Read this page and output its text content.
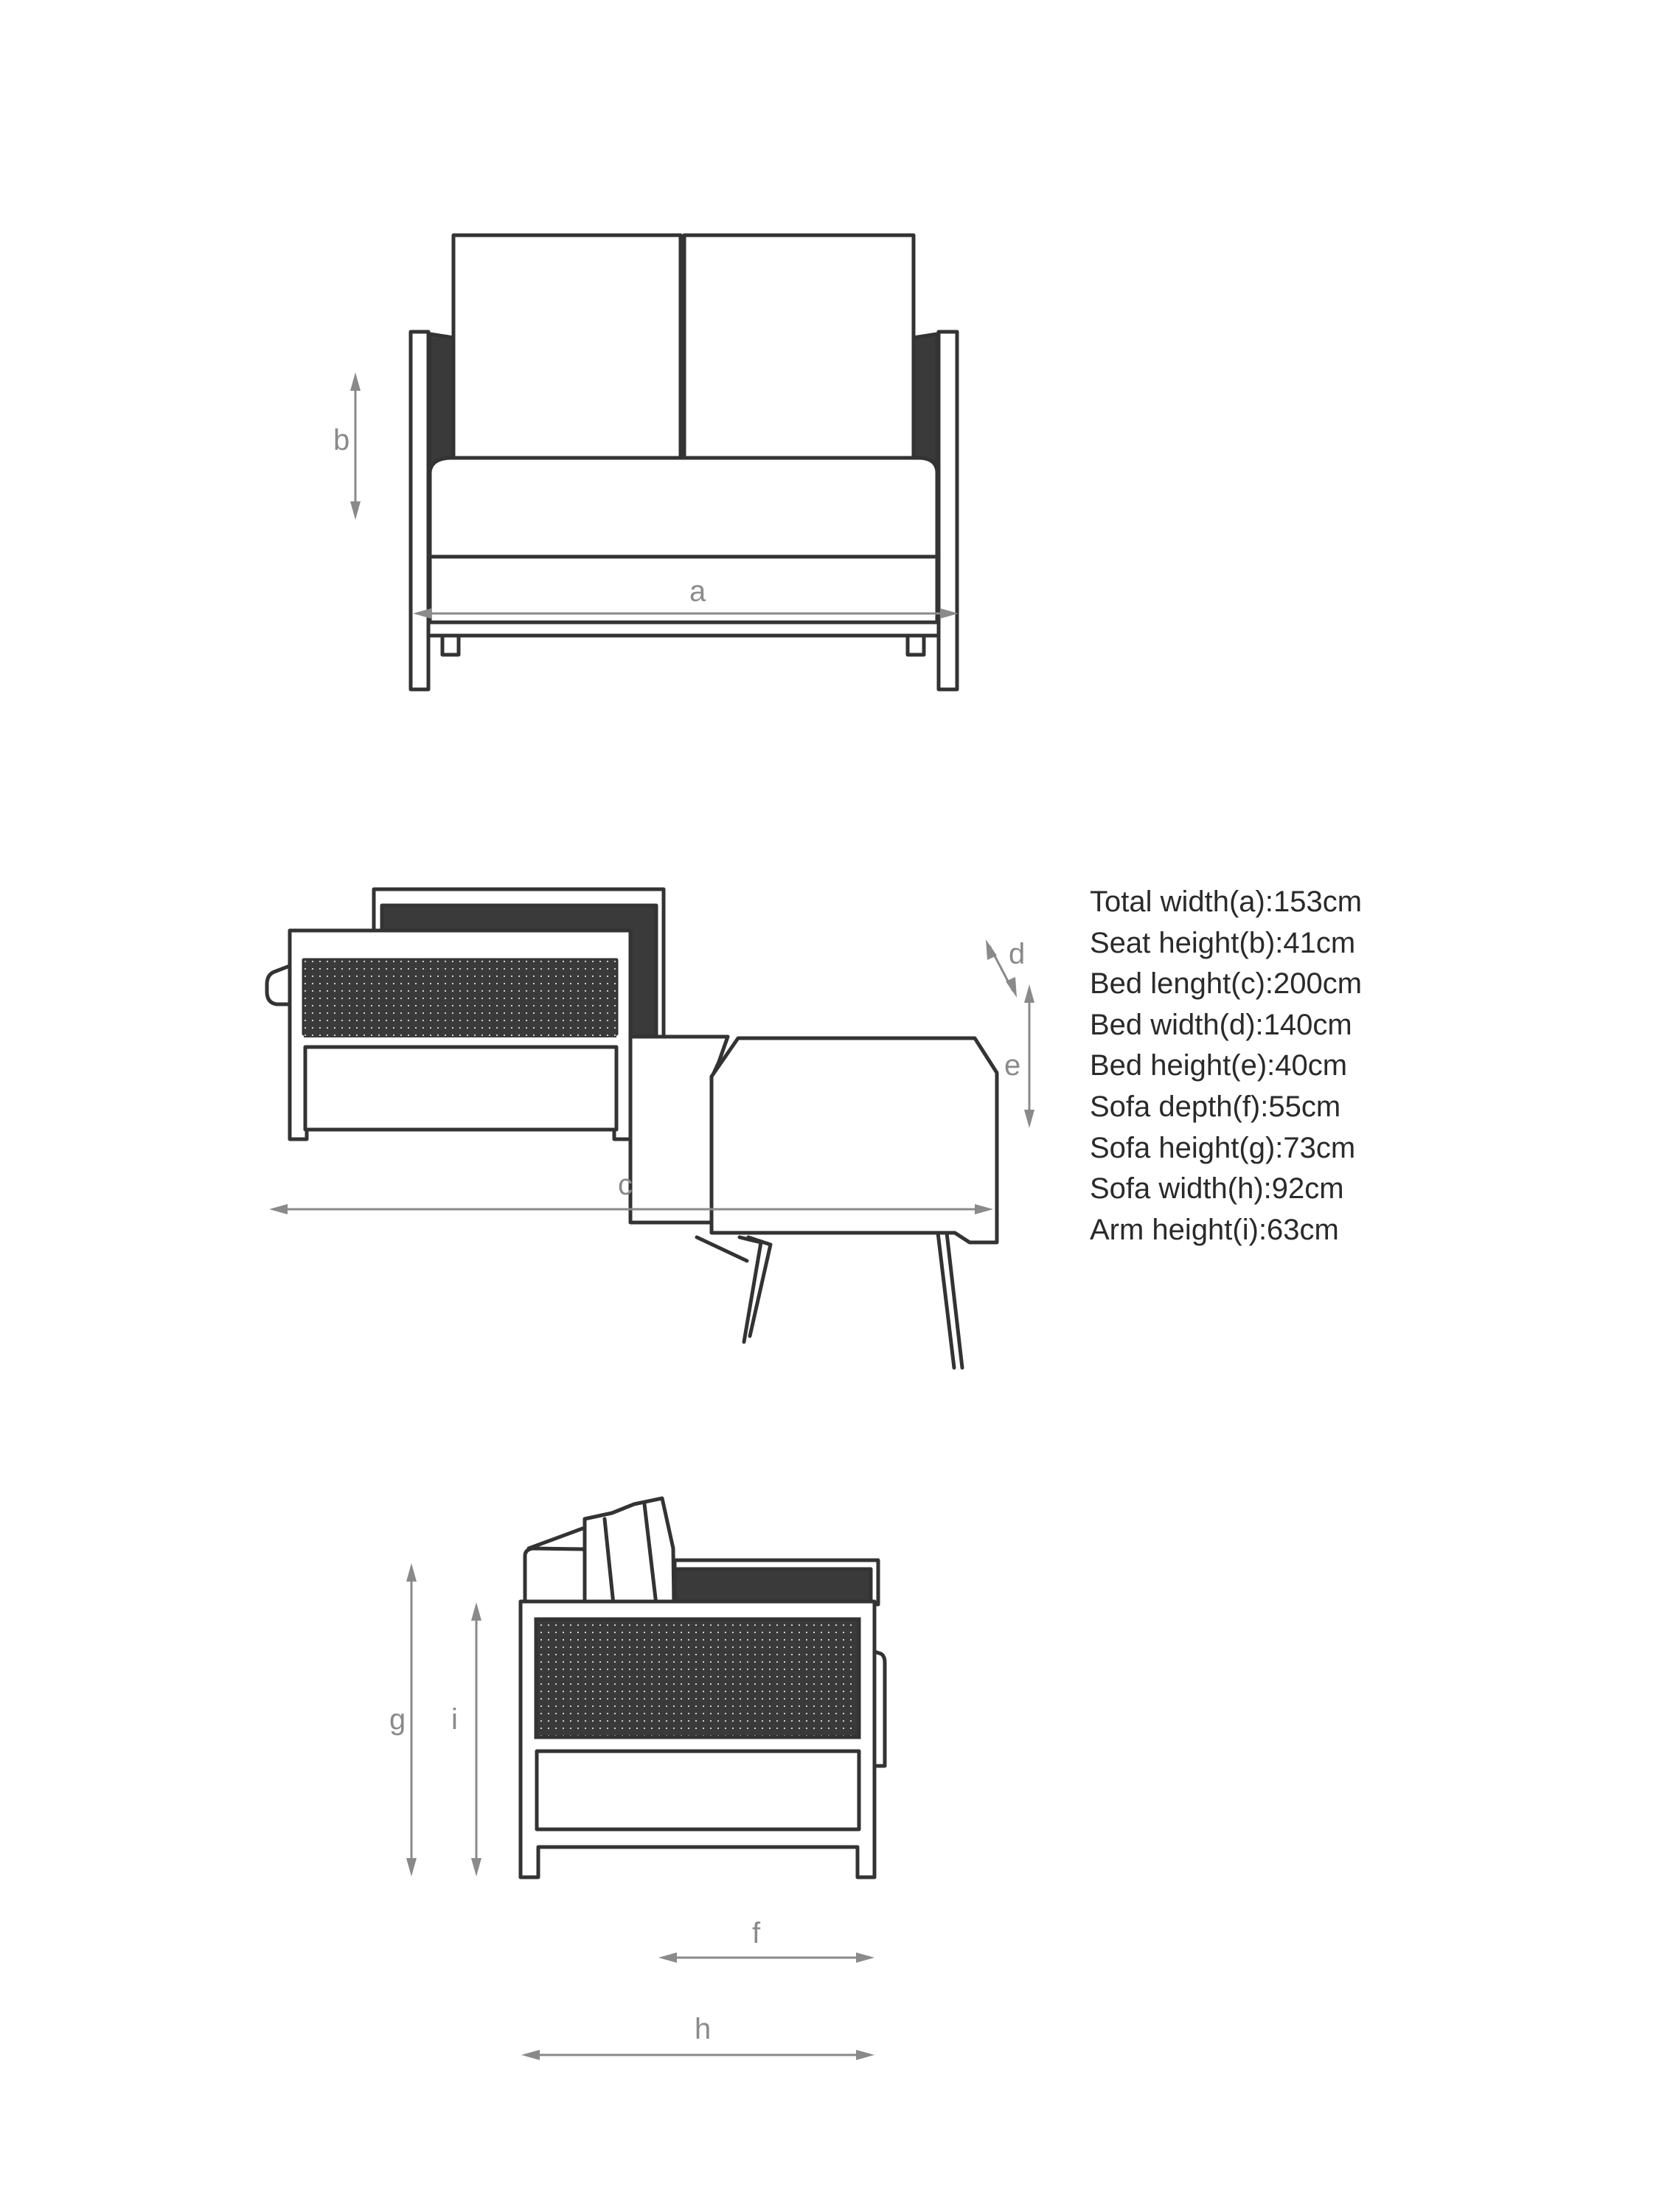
b
a
c
d
e
g i
f
h
Total width(a):153cm
Seat height(b):41cm
Bed lenght(c):200cm
Bed width(d):140cm
Bed height(e):40cm
Sofa depth(f):55cm
Sofa height(g):73cm
Sofa width(h):92cm
Arm height(i):63cm
